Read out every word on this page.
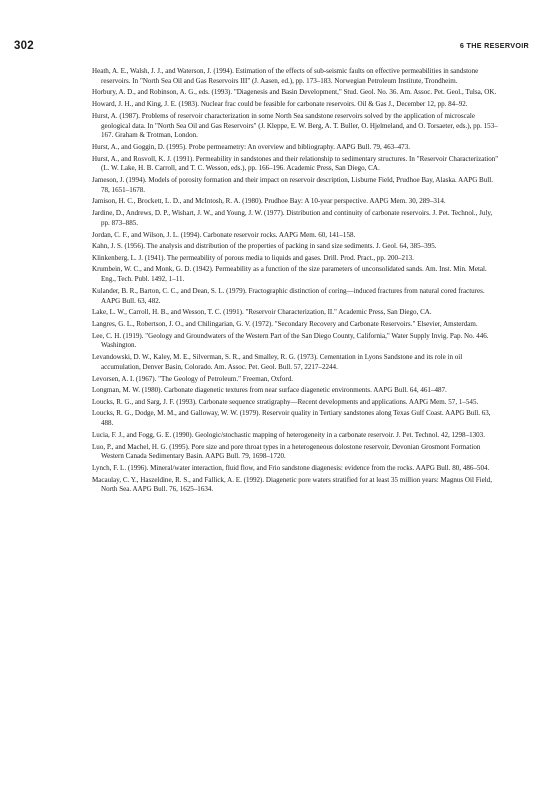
302	6 THE RESERVOIR
Heath, A. E., Walsh, J. J., and Waterson, J. (1994). Estimation of the effects of sub-seismic faults on effective permeabilities in sandstone reservoirs. In "North Sea Oil and Gas Reservoirs III" (J. Aasen, ed.), pp. 173–183. Norwegian Petroleum Institute, Trondheim.
Horbury, A. D., and Robinson, A. G., eds. (1993). "Diagenesis and Basin Development," Stud. Geol. No. 36. Am. Assoc. Pet. Geol., Tulsa, OK.
Howard, J. H., and King, J. E. (1983). Nuclear frac could be feasible for carbonate reservoirs. Oil & Gas J., December 12, pp. 84–92.
Hurst, A. (1987). Problems of reservoir characterization in some North Sea sandstone reservoirs solved by the application of microscale geological data. In "North Sea Oil and Gas Reservoirs" (J. Kleppe, E. W. Berg, A. T. Buller, O. Hjelmeland, and O. Torsaeter, eds.), pp. 153–167. Graham & Trotman, London.
Hurst, A., and Goggin, D. (1995). Probe permeametry: An overview and bibliography. AAPG Bull. 79, 463–473.
Hurst, A., and Rosvoll, K. J. (1991). Permeability in sandstones and their relationship to sedimentary structures. In "Reservoir Characterization" (L. W. Lake, H. B. Carroll, and T. C. Wesson, eds.), pp. 166–196. Academic Press, San Diego, CA.
Jameson, J. (1994). Models of porosity formation and their impact on reservoir description, Lisburne Field, Prudhoe Bay, Alaska. AAPG Bull. 78, 1651–1678.
Jamison, H. C., Brockett, L. D., and McIntosh, R. A. (1980). Prudhoe Bay: A 10-year perspective. AAPG Mem. 30, 289–314.
Jardine, D., Andrews, D. P., Wishart, J. W., and Young, J. W. (1977). Distribution and continuity of carbonate reservoirs. J. Pet. Technol., July, pp. 873–885.
Jordan, C. F., and Wilson, J. L. (1994). Carbonate reservoir rocks. AAPG Mem. 60, 141–158.
Kahn, J. S. (1956). The analysis and distribution of the properties of packing in sand size sediments. J. Geol. 64, 385–395.
Klinkenberg, L. J. (1941). The permeability of porous media to liquids and gases. Drill. Prod. Pract., pp. 200–213.
Krumbein, W. C., and Monk, G. D. (1942). Permeability as a function of the size parameters of unconsolidated sands. Am. Inst. Min. Metal. Eng., Tech. Publ. 1492, 1–11.
Kulander, B. R., Barton, C. C., and Dean, S. L. (1979). Fractographic distinction of coring—induced fractures from natural cored fractures. AAPG Bull. 63, 482.
Lake, L. W., Carroll, H. B., and Wesson, T. C. (1991). "Reservoir Characterization, II." Academic Press, San Diego, CA.
Langres, G. L., Robertson, J. O., and Chilingarian, G. V. (1972). "Secondary Recovery and Carbonate Reservoirs." Elsevier, Amsterdam.
Lee, C. H. (1919). "Geology and Groundwaters of the Western Part of the San Diego County, California," Water Supply Invig. Pap. No. 446. Washington.
Levandowski, D. W., Kaley, M. E., Silverman, S. R., and Smalley, R. G. (1973). Cementation in Lyons Sandstone and its role in oil accumulation, Denver Basin, Colorado. Am. Assoc. Pet. Geol. Bull. 57, 2217–2244.
Levorsen, A. I. (1967). "The Geology of Petroleum." Freeman, Oxford.
Longman, M. W. (1980). Carbonate diagenetic textures from near surface diagenetic environments. AAPG Bull. 64, 461–487.
Loucks, R. G., and Sarg, J. F. (1993). Carbonate sequence stratigraphy—Recent developments and applications. AAPG Mem. 57, 1–545.
Loucks, R. G., Dodge, M. M., and Galloway, W. W. (1979). Reservoir quality in Tertiary sandstones along Texas Gulf Coast. AAPG Bull. 63, 488.
Lucia, F. J., and Fogg, G. E. (1990). Geologic/stochastic mapping of heterogeneity in a carbonate reservoir. J. Pet. Technol. 42, 1298–1303.
Luo, P., and Machel, H. G. (1995). Pore size and pore throat types in a heterogeneous dolostone reservoir, Devonian Grosmont Formation Western Canada Sedimentary Basin. AAPG Bull. 79, 1698–1720.
Lynch, F. L. (1996). Mineral/water interaction, fluid flow, and Frio sandstone diagenesis: evidence from the rocks. AAPG Bull. 80, 486–504.
Macaulay, C. Y., Haszeldine, R. S., and Fallick, A. E. (1992). Diagenetic pore waters stratified for at least 35 million years: Magnus Oil Field, North Sea. AAPG Bull. 76, 1625–1634.
